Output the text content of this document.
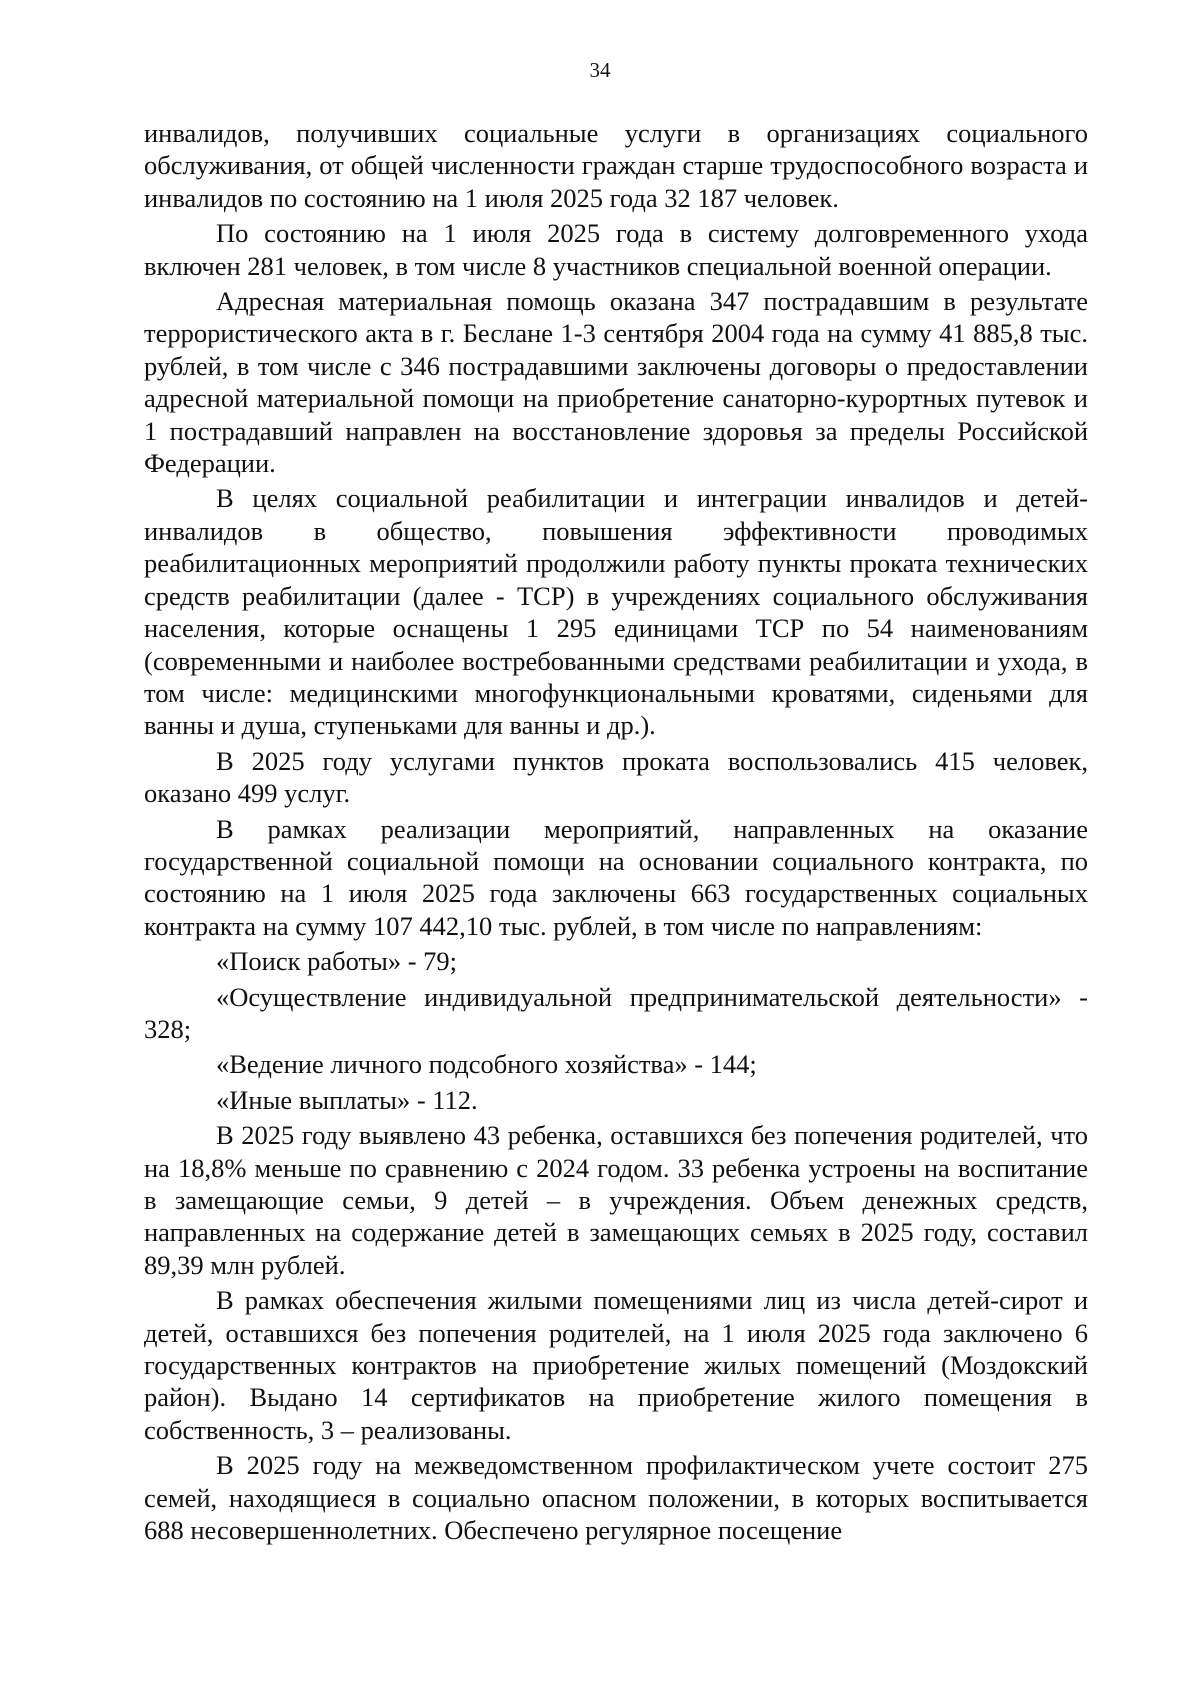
34

инвалидов, получивших социальные услуги в организациях социального обслуживания, от общей численности граждан старше трудоспособного возраста и инвалидов по состоянию на 1 июля 2025 года 32 187 человек.

По состоянию на 1 июля 2025 года в систему долговременного ухода включен 281 человек, в том числе 8 участников специальной военной операции.

Адресная материальная помощь оказана 347 пострадавшим в результате террористического акта в г. Беслане 1-3 сентября 2004 года на сумму 41 885,8 тыс. рублей, в том числе с 346 пострадавшими заключены договоры о предоставлении адресной материальной помощи на приобретение санаторно-курортных путевок и 1 пострадавший направлен на восстановление здоровья за пределы Российской Федерации.

В целях социальной реабилитации и интеграции инвалидов и детей-инвалидов в общество, повышения эффективности проводимых реабилитационных мероприятий продолжили работу пункты проката технических средств реабилитации (далее - ТСР) в учреждениях социального обслуживания населения, которые оснащены 1 295 единицами ТСР по 54 наименованиям (современными и наиболее востребованными средствами реабилитации и ухода, в том числе: медицинскими многофункциональными кроватями, сиденьями для ванны и душа, ступеньками для ванны и др.).

В 2025 году услугами пунктов проката воспользовались 415 человек, оказано 499 услуг.

В рамках реализации мероприятий, направленных на оказание государственной социальной помощи на основании социального контракта, по состоянию на 1 июля 2025 года заключены 663 государственных социальных контракта на сумму 107 442,10 тыс. рублей, в том числе по направлениям:

«Поиск работы» - 79;

«Осуществление индивидуальной предпринимательской деятельности» - 328;

«Ведение личного подсобного хозяйства» - 144;

«Иные выплаты» - 112.

В 2025 году выявлено 43 ребенка, оставшихся без попечения родителей, что на 18,8% меньше по сравнению с 2024 годом. 33 ребенка устроены на воспитание в замещающие семьи, 9 детей – в учреждения. Объем денежных средств, направленных на содержание детей в замещающих семьях в 2025 году, составил 89,39 млн рублей.

В рамках обеспечения жилыми помещениями лиц из числа детей-сирот и детей, оставшихся без попечения родителей, на 1 июля 2025 года заключено 6 государственных контрактов на приобретение жилых помещений (Моздокский район). Выдано 14 сертификатов на приобретение жилого помещения в собственность, 3 – реализованы.

В 2025 году на межведомственном профилактическом учете состоит 275 семей, находящиеся в социально опасном положении, в которых воспитывается 688 несовершеннолетних. Обеспечено регулярное посещение
